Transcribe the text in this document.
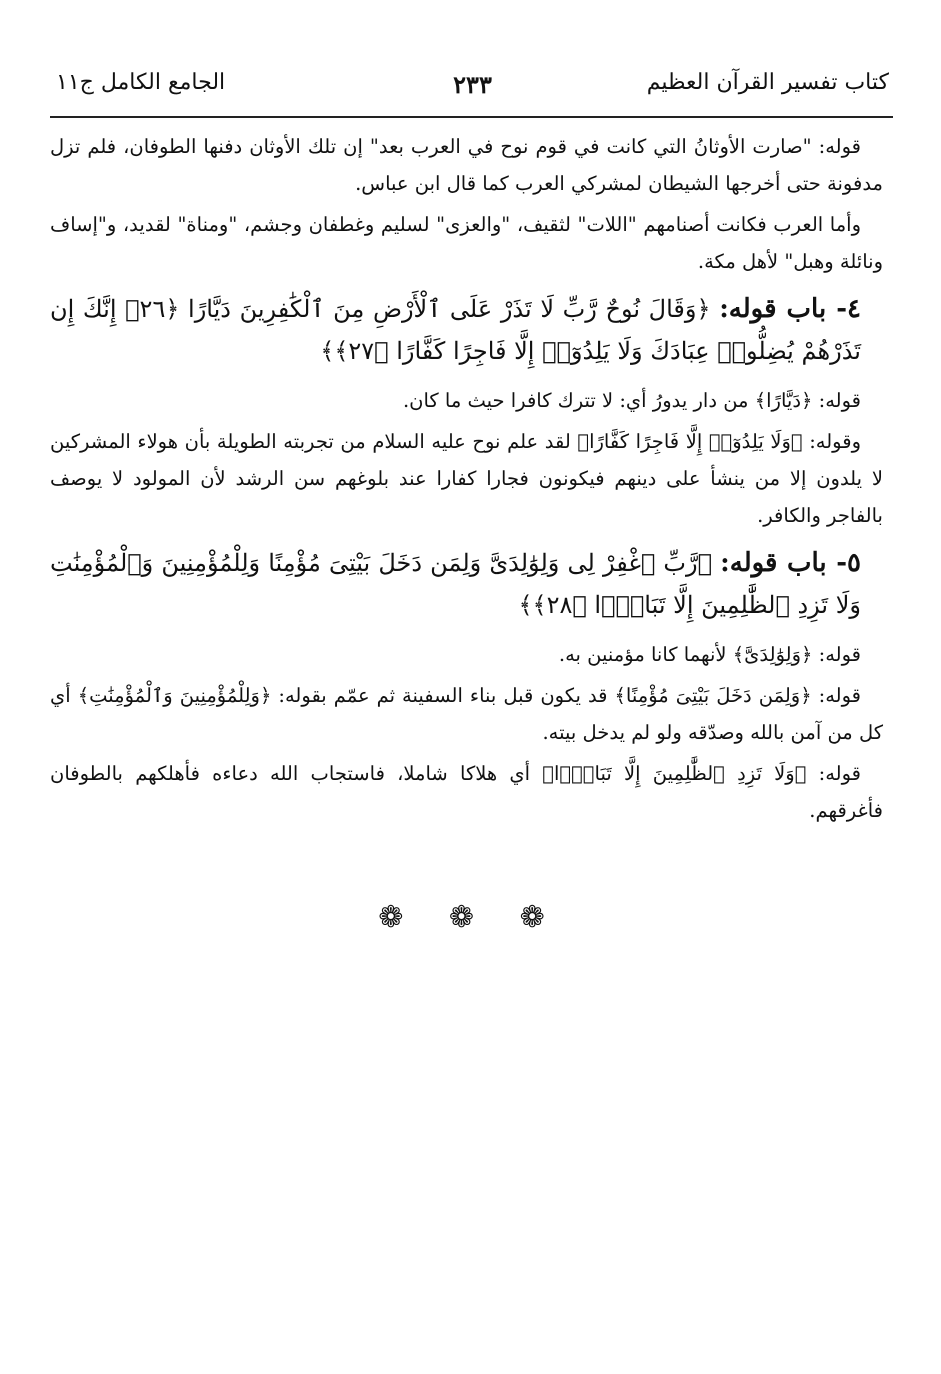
كتاب تفسير القرآن العظيم
٢٣٣
الجامع الكامل ج١١

قوله: "صارت الأوثانُ التي كانت في قوم نوح في العرب بعد" إن تلك الأوثان دفنها الطوفان، فلم تزل مدفونة حتى أخرجها الشيطان لمشركي العرب كما قال ابن عباس.

وأما العرب فكانت أصنامهم "اللات" لثقيف، "والعزى" لسليم وغطفان وجشم، "ومناة" لقديد، و"إساف ونائلة وهبل" لأهل مكة.

٤- باب قوله: ﴿وَقَالَ نُوحٌ رَّبِّ لَا تَذَرْ عَلَى ٱلْأَرْضِ مِنَ ٱلْكَٰفِرِينَ دَيَّارًا ﴿٢٦﴾ إِنَّكَ إِن تَذَرْهُمْ يُضِلُّوا۟ عِبَادَكَ وَلَا يَلِدُوٓا۟ إِلَّا فَاجِرًا كَفَّارًا ﴿٢٧﴾﴾

قوله: ﴿دَيَّارًا﴾ من دار يدورُ أي: لا تترك كافرا حيث ما كان.

وقوله: ﴿وَلَا يَلِدُوٓا۟ إِلَّا فَاجِرًا كَفَّارًا﴾ لقد علم نوح عليه السلام من تجربته الطويلة بأن هولاء المشركين لا يلدون إلا من ينشأ على دينهم فيكونون فجارا كفارا عند بلوغهم سن الرشد لأن المولود لا يوصف بالفاجر والكافر.

٥- باب قوله: ﴿رَّبِّ ٱغْفِرْ لِى وَلِوَٰلِدَىَّ وَلِمَن دَخَلَ بَيْتِىَ مُؤْمِنًا وَلِلْمُؤْمِنِينَ وَٱلْمُؤْمِنَٰتِ وَلَا تَزِدِ ٱلظَّٰلِمِينَ إِلَّا تَبَارًۢا ﴿٢٨﴾﴾

قوله: ﴿وَلِوَٰلِدَىَّ﴾ لأنهما كانا مؤمنين به.

قوله: ﴿وَلِمَن دَخَلَ بَيْتِىَ مُؤْمِنًا﴾ قد يكون قبل بناء السفينة ثم عمّم بقوله: ﴿وَلِلْمُؤْمِنِينَ وَٱلْمُؤْمِنَٰتِ﴾ أي كل من آمن بالله وصدّقه ولو لم يدخل بيته.

قوله: ﴿وَلَا تَزِدِ ٱلظَّٰلِمِينَ إِلَّا تَبَارًۢا﴾ أي هلاكا شاملا، فاستجاب الله دعاءه فأهلكهم بالطوفان فأغرقهم.

❁ ❁ ❁
